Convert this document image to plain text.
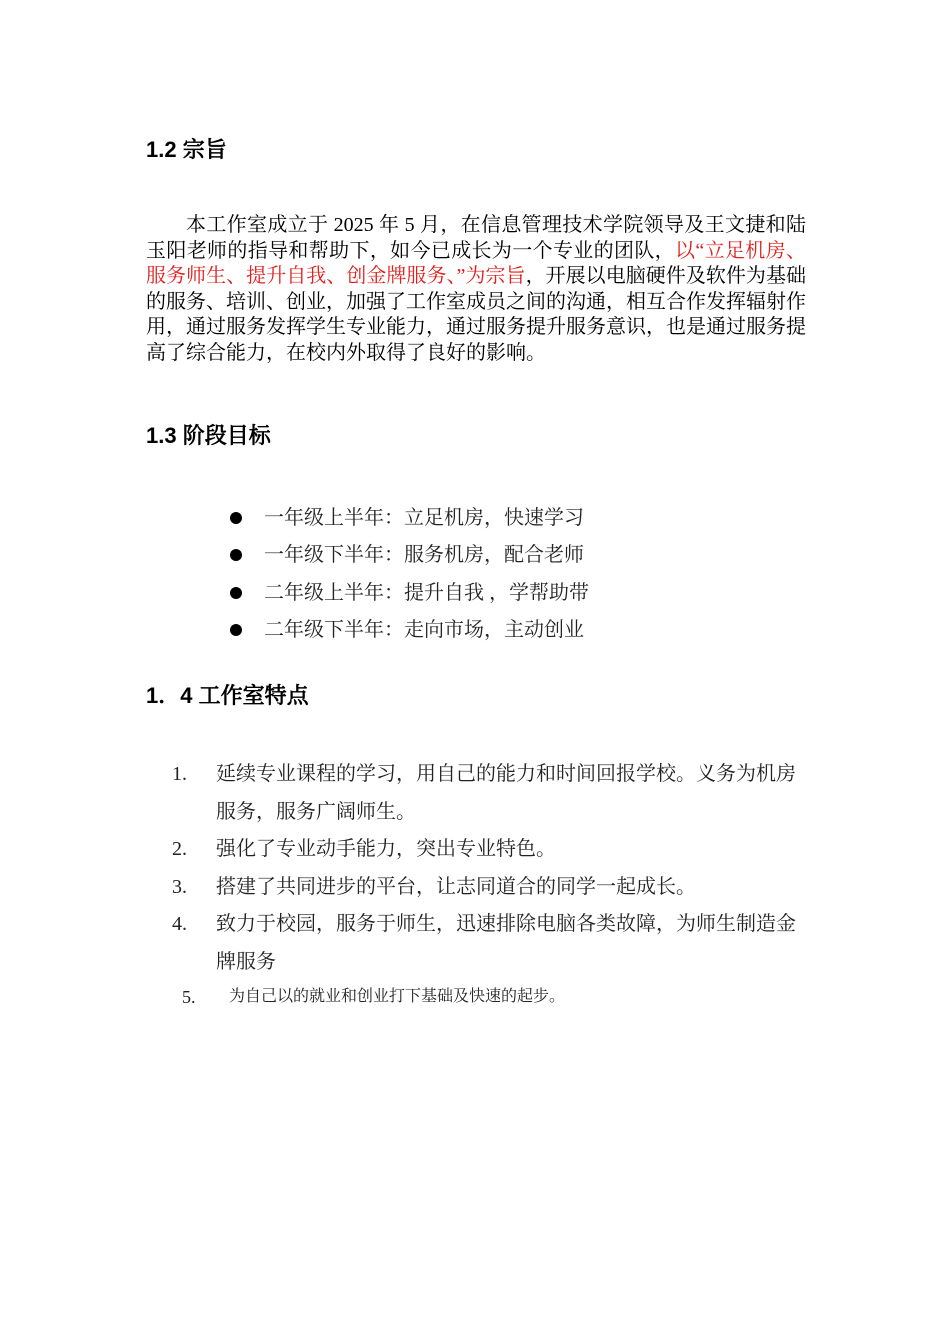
1.2 宗旨

本工作室成立于 2025 年 5 月，在信息管理技术学院领导及王文捷和陆玉阳老师的指导和帮助下，如今已成长为一个专业的团队，以“立足机房、服务师生、提升自我、创金牌服务、”为宗旨，开展以电脑硬件及软件为基础的服务、培训、创业，加强了工作室成员之间的沟通，相互合作发挥辐射作用，通过服务发挥学生专业能力，通过服务提升服务意识，也是通过服务提高了综合能力，在校内外取得了良好的影响。

1.3 阶段目标
一年级上半年：立足机房，快速学习
一年级下半年：服务机房，配合老师
二年级上半年：提升自我 ，学帮助带
二年级下半年：走向市场，主动创业
1．4 工作室特点
1.	延续专业课程的学习，用自己的能力和时间回报学校。义务为机房服务，服务广阔师生。
2.	强化了专业动手能力，突出专业特色。
3.	搭建了共同进步的平台，让志同道合的同学一起成长。
4.	致力于校园，服务于师生，迅速排除电脑各类故障，为师生制造金牌服务
5.	为自己以的就业和创业打下基础及快速的起步。
